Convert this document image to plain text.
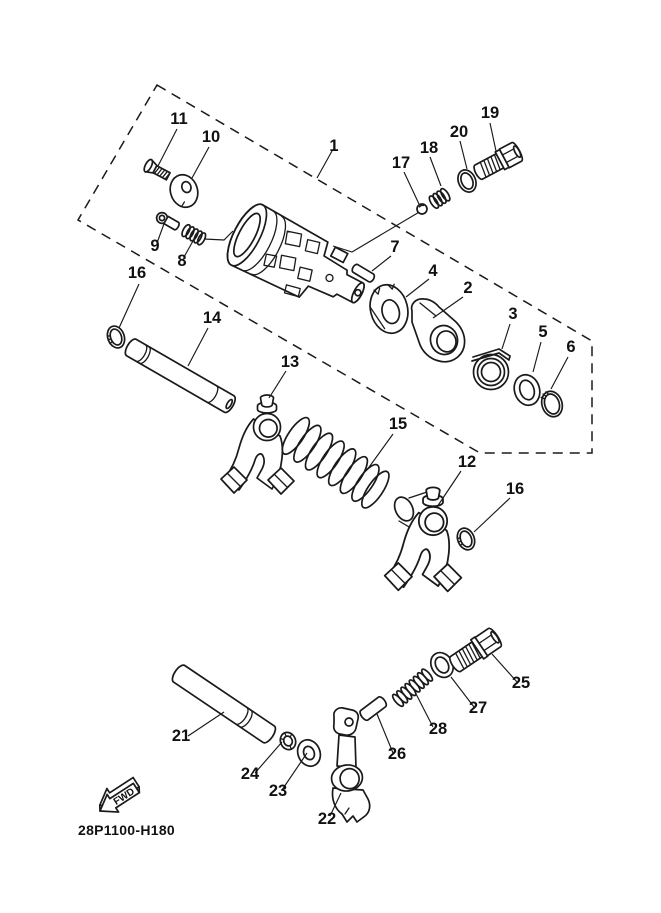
1
2
3
4
5
6
7
8
9
10
11
12
13
14
15
16
16
17
18
19
20
21
22
23
24
25
26
27
28
FWD
28P1100-H180
